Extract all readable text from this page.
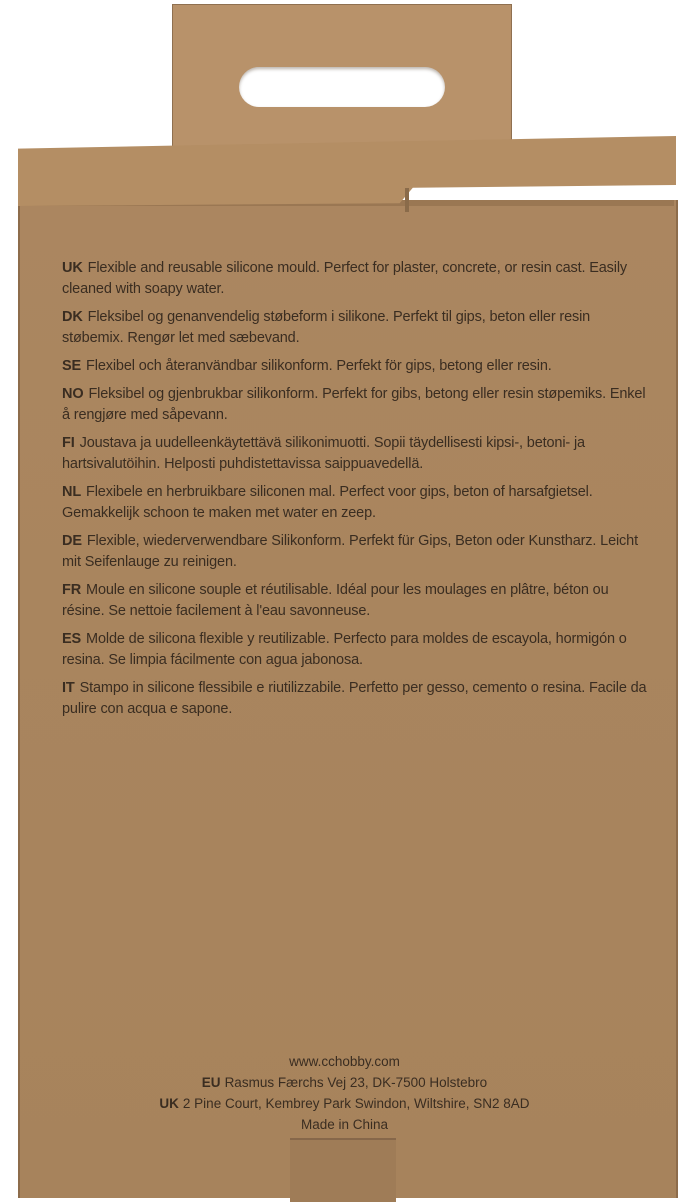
UK Flexible and reusable silicone mould. Perfect for plaster, concrete, or resin cast. Easily cleaned with soapy water.
DK Fleksibel og genanvendelig støbeform i silikone. Perfekt til gips, beton eller resin støbemix. Rengør let med sæbevand.
SE Flexibel och återanvändbar silikonform. Perfekt för gips, betong eller resin.
NO Fleksibel og gjenbrukbar silikonform. Perfekt for gibs, betong eller resin støpemiks. Enkel å rengjøre med såpevann.
FI Joustava ja uudelleenkäytettävä silikonimuotti. Sopii täydellisesti kipsi-, betoni- ja hartsivalutöihin. Helposti puhdistettavissa saippuavedellä.
NL Flexibele en herbruikbare siliconen mal. Perfect voor gips, beton of harsafgietsel. Gemakkelijk schoon te maken met water en zeep.
DE Flexible, wiederverwendbare Silikonform. Perfekt für Gips, Beton oder Kunstharz. Leicht mit Seifenlauge zu reinigen.
FR Moule en silicone souple et réutilisable. Idéal pour les moulages en plâtre, béton ou résine. Se nettoie facilement à l'eau savonneuse.
ES Molde de silicona flexible y reutilizable. Perfecto para moldes de escayola, hormigón o resina. Se limpia fácilmente con agua jabonosa.
IT Stampo in silicone flessibile e riutilizzabile. Perfetto per gesso, cemento o resina. Facile da pulire con acqua e sapone.
www.cchobby.com
EU Rasmus Færchs Vej 23, DK-7500 Holstebro
UK 2 Pine Court, Kembrey Park Swindon, Wiltshire, SN2 8AD
Made in China
